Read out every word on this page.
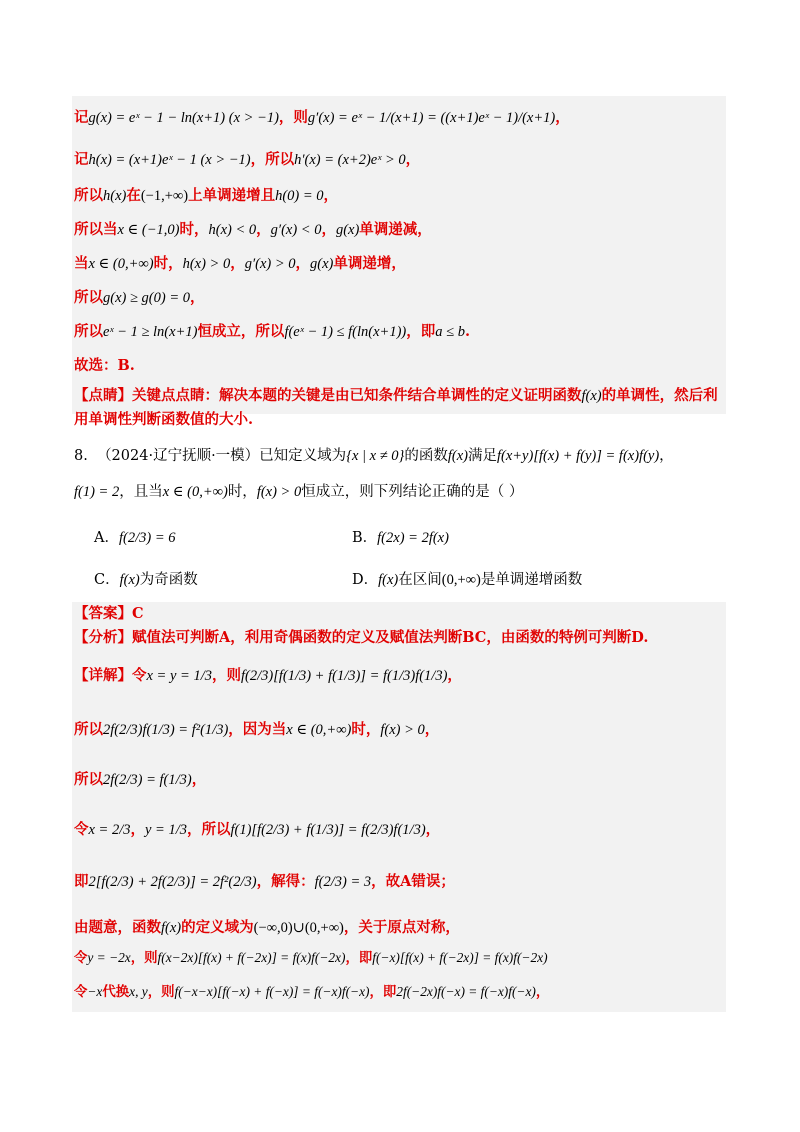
记g(x) = eˣ − 1 − ln(x+1) (x > −1)，则g′(x) = eˣ − 1/(x+1) = ((x+1)eˣ − 1)/(x+1)，
记h(x) = (x+1)eˣ − 1 (x > −1)，所以h′(x) = (x+2)eˣ > 0，
所以h(x)在(−1,+∞)上单调递增且h(0) = 0，
所以当x ∈ (−1,0)时，h(x) < 0，g′(x) < 0，g(x)单调递减，
当x ∈ (0,+∞)时，h(x) > 0，g′(x) > 0，g(x)单调递增，
所以g(x) ≥ g(0) = 0，
所以eˣ − 1 ≥ ln(x+1)恒成立，所以f(eˣ − 1) ≤ f(ln(x+1))，即a ≤ b.
故选：B.
【点睛】关键点点睛：解决本题的关键是由已知条件结合单调性的定义证明函数f(x)的单调性，然后利
用单调性判断函数值的大小.
8. （2024·辽宁抚顺·一模）已知定义域为{x | x ≠ 0}的函数f(x)满足f(x+y)[f(x) + f(y)] = f(x)f(y)，
f(1) = 2，且当x ∈ (0,+∞)时，f(x) > 0恒成立，则下列结论正确的是（ ）
A．f(2/3) = 6	B．f(2x) = 2f(x)
C．f(x)为奇函数	D．f(x)在区间(0,+∞)是单调递增函数
【答案】C
【分析】赋值法可判断A，利用奇偶函数的定义及赋值法判断BC，由函数的特例可判断D.
【详解】令x = y = 1/3，则f(2/3)[f(1/3) + f(1/3)] = f(1/3)f(1/3)，
所以2f(2/3)f(1/3) = f²(1/3)，因为当x ∈ (0,+∞)时，f(x) > 0，
所以2f(2/3) = f(1/3)，
令x = 2/3，y = 1/3，所以f(1)[f(2/3) + f(1/3)] = f(2/3)f(1/3)，
即2[f(2/3) + 2f(2/3)] = 2f²(2/3)，解得：f(2/3) = 3，故A错误；
由题意，函数f(x)的定义域为(−∞,0)∪(0,+∞)，关于原点对称，
令y = −2x，则f(x−2x)[f(x) + f(−2x)] = f(x)f(−2x)，即f(−x)[f(x) + f(−2x)] = f(x)f(−2x)
令−x代换x, y，则f(−x−x)[f(−x) + f(−x)] = f(−x)f(−x)，即2f(−2x)f(−x) = f(−x)f(−x)，
